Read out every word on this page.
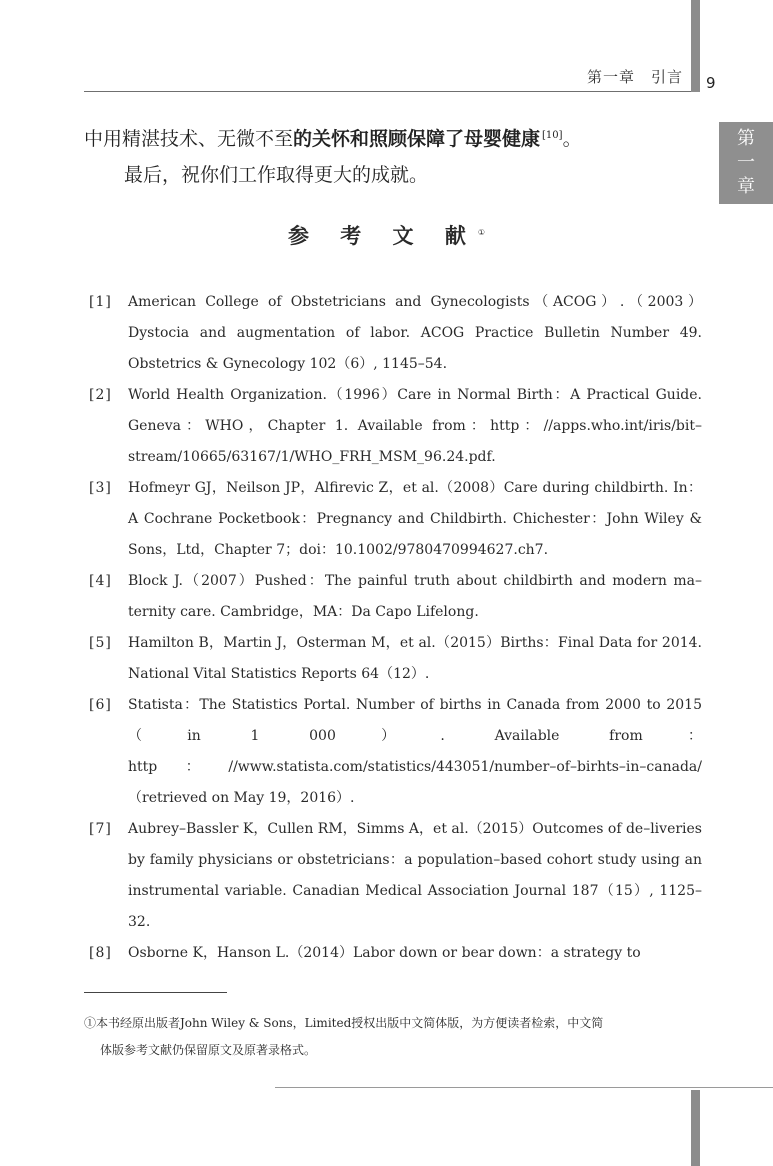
第一章　引言 9
第
一
章
中用精湛技术、无微不至的关怀和照顾保障了母婴健康 [10]。
最后，祝你们工作取得更大的成就。
参 考 文 献①
[1]	American College of Obstetricians and Gynecologists（ACOG）.（2003）Dystocia and augmentation of labor. ACOG Practice Bulletin Number 49. Obstetrics & Gynecology 102（6）, 1145–54.
[2]	World Health Organization.（1996）Care in Normal Birth：A Practical Guide. Geneva：WHO，Chapter 1. Available from：http：//apps.who.int/iris/bit–stream/10665/63167/1/WHO_FRH_MSM_96.24.pdf.
[3]	Hofmeyr GJ，Neilson JP，Alfirevic Z，et al.（2008）Care during childbirth. In：A Cochrane Pocketbook：Pregnancy and Childbirth. Chichester：John Wiley & Sons，Ltd，Chapter 7；doi：10.1002/9780470994627.ch7.
[4]	Block J.（2007）Pushed：The painful truth about childbirth and modern ma–ternity care. Cambridge，MA：Da Capo Lifelong.
[5]	Hamilton B，Martin J，Osterman M，et al.（2015）Births：Final Data for 2014. National Vital Statistics Reports 64（12）.
[6]	Statista：The Statistics Portal. Number of births in Canada from 2000 to 2015（in 1 000）. Available from：http：//www.statista.com/statistics/443051/number–of–birhts–in–canada/（retrieved on May 19，2016）.
[7]	Aubrey–Bassler K，Cullen RM，Simms A，et al.（2015）Outcomes of de–liveries by family physicians or obstetricians：a population–based cohort study using an instrumental variable. Canadian Medical Association Journal 187（15）, 1125–32.
[8]	Osborne K，Hanson L.（2014）Labor down or bear down：a strategy to
①本书经原出版者John Wiley & Sons，Limited授权出版中文简体版，为方便读者检索，中文简
体版参考文献仍保留原文及原著录格式。
